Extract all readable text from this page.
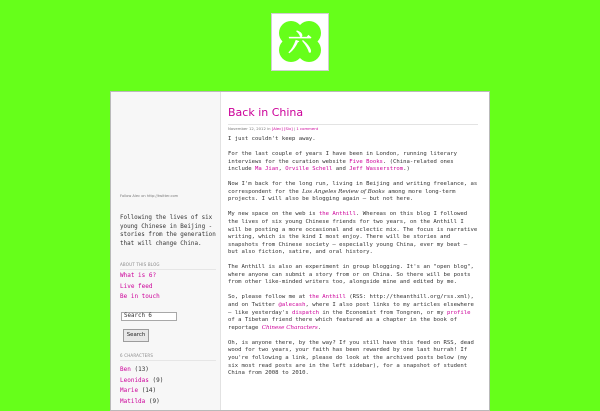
六
Follow Alec on http://twitter.com
Following the lives of six young Chinese in Beijing - stories from the generation that will change China.
ABOUT THIS BLOG
What is 6?
Live feed
Be in touch
Search 6
Search
6 CHARACTERS
Ben (13)
Leonidas (9)
Marie (14)
Matilda (9)
Back in China
November 12, 2012 in [Alec] [Six] | 1 comment

I just couldn't keep away.

For the last couple of years I have been in London, running literary interviews for the curation website Five Books. (China-related ones include Ma Jian, Orville Schell and Jeff Wasserstrom.)

Now I'm back for the long run, living in Beijing and writing freelance, as correspondent for the Los Angeles Review of Books among more long-term projects. I will also be blogging again – but not here.

My new space on the web is the Anthill. Whereas on this blog I followed the lives of six young Chinese friends for two years, on the Anthill I will be posting a more occasional and eclectic mix. The focus is narrative writing, which is the kind I most enjoy. There will be stories and snapshots from Chinese society – especially young China, ever my beat – but also fiction, satire, and oral history.

The Anthill is also an experiment in group blogging. It's an "open blog", where anyone can submit a story from or on China. So there will be posts from other like-minded writers too, alongside mine and edited by me.

So, please follow me at the Anthill (RSS: http://theanthill.org/rss.xml), and on Twitter @alecash, where I also post links to my articles elsewhere – like yesterday's dispatch in the Economist from Tongren, or my profile of a Tibetan friend there which featured as a chapter in the book of reportage Chinese Characters.

Oh, is anyone there, by the way? If you still have this feed on RSS, dead wood for two years, your faith has been rewarded by one last hurrah! If you're following a link, please do look at the archived posts below (my six most read posts are in the left sidebar), for a snapshot of student China from 2008 to 2010.
